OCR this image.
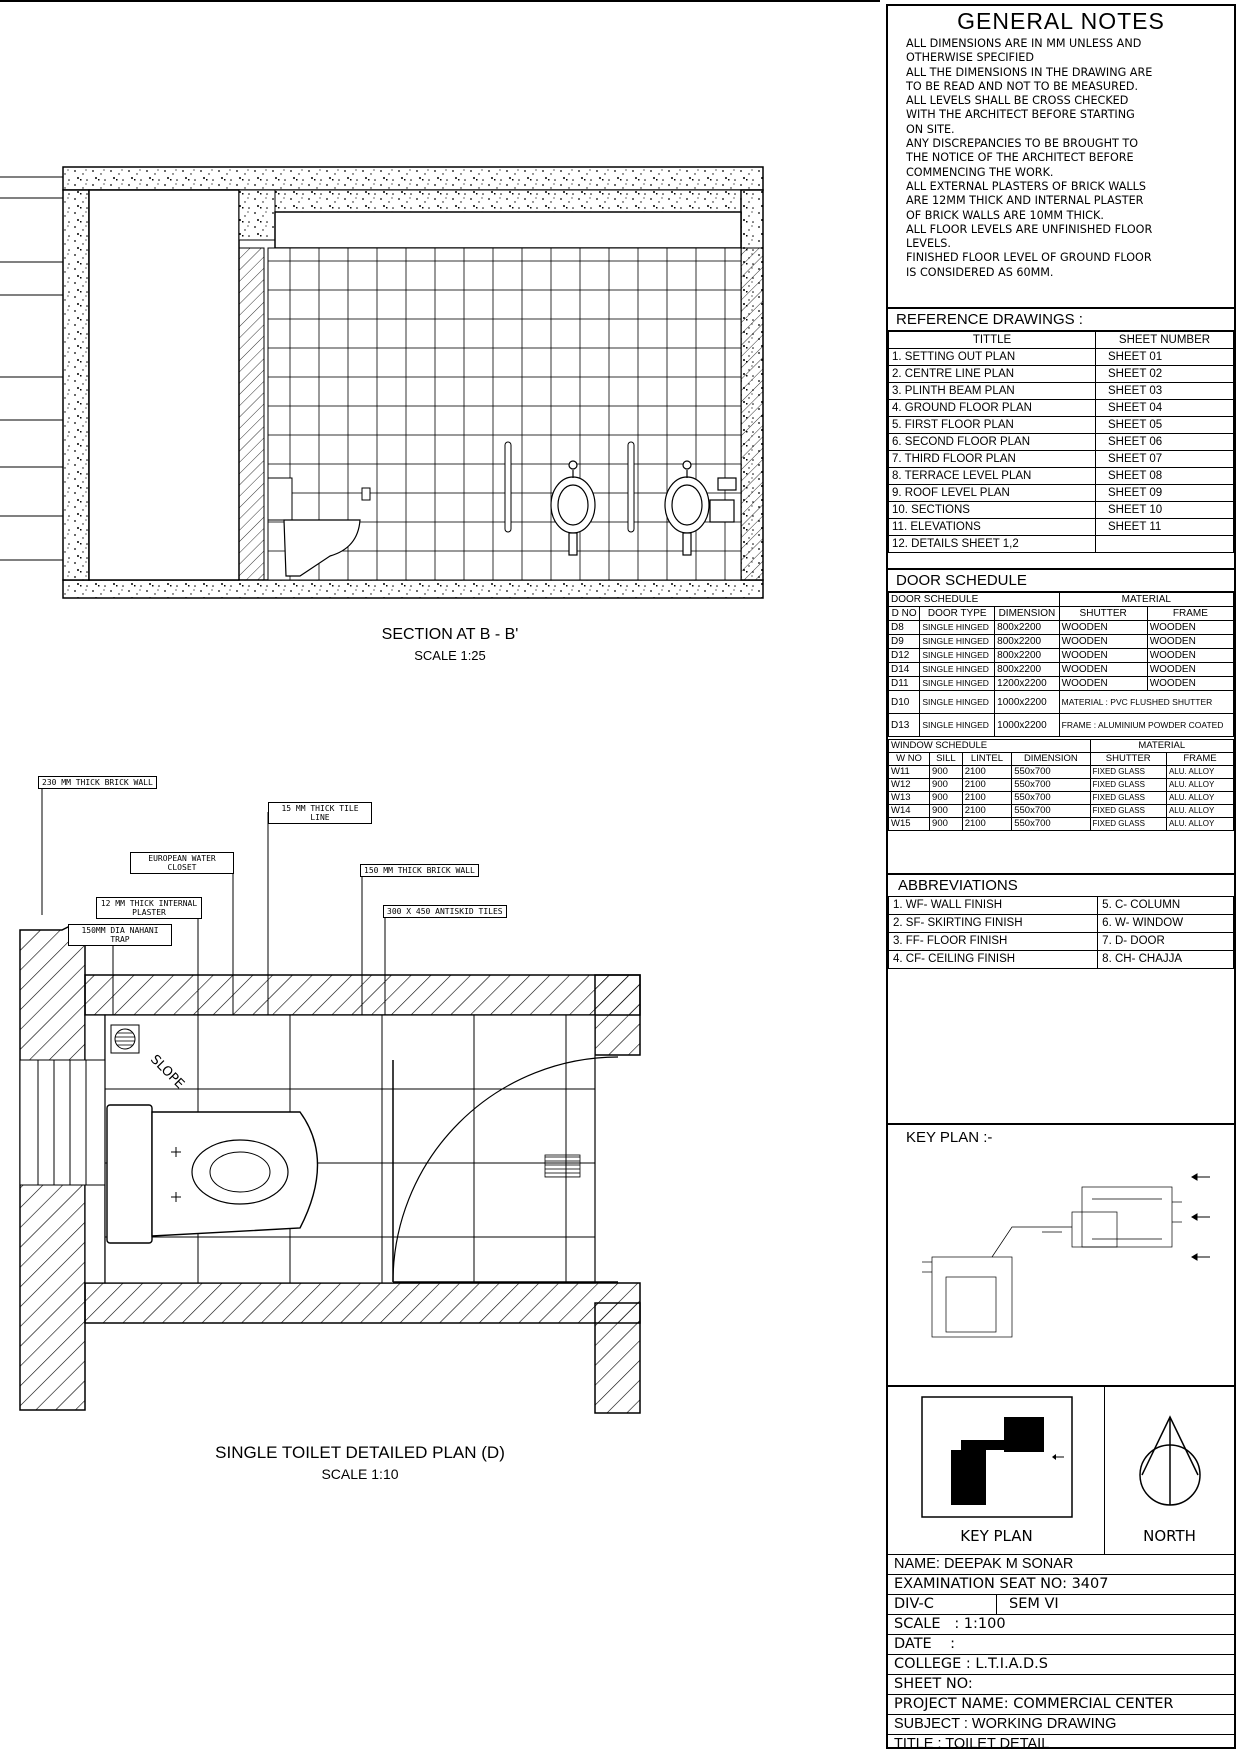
SLOPE
SECTION AT B - B'
SCALE 1:25
230 MM THICK BRICK WALL
EUROPEAN WATER CLOSET
15 MM THICK TILE LINE
150 MM THICK BRICK WALL
12 MM THICK INTERNAL PLASTER
150MM DIA NAHANI TRAP
300 X 450 ANTISKID TILES
SINGLE TOILET DETAILED PLAN (D)
SCALE 1:10
GENERAL NOTES
ALL DIMENSIONS ARE IN MM UNLESS AND
OTHERWISE SPECIFIED
ALL THE DIMENSIONS IN THE DRAWING ARE
TO BE READ AND NOT TO BE MEASURED.
ALL LEVELS SHALL BE CROSS CHECKED
WITH THE ARCHITECT BEFORE STARTING
ON SITE.
ANY DISCREPANCIES TO BE BROUGHT TO
THE NOTICE OF THE ARCHITECT BEFORE
COMMENCING THE WORK.
ALL EXTERNAL PLASTERS OF BRICK WALLS
ARE 12MM THICK AND INTERNAL PLASTER
OF BRICK WALLS ARE 10MM THICK.
ALL FLOOR LEVELS ARE UNFINISHED FLOOR
LEVELS.
FINISHED FLOOR LEVEL OF GROUND FLOOR
IS CONSIDERED AS 60MM.
REFERENCE DRAWINGS :
TITTLE	SHEET NUMBER
1. SETTING OUT PLAN	SHEET 01
2. CENTRE LINE PLAN	SHEET 02
3. PLINTH BEAM PLAN	SHEET 03
4. GROUND FLOOR PLAN	SHEET 04
5. FIRST FLOOR PLAN	SHEET 05
6. SECOND FLOOR PLAN	SHEET 06
7. THIRD FLOOR PLAN	SHEET 07
8. TERRACE LEVEL PLAN	SHEET 08
9. ROOF LEVEL PLAN	SHEET 09
10. SECTIONS	SHEET 10
11. ELEVATIONS	SHEET 11
12. DETAILS SHEET 1,2	
DOOR SCHEDULE
DOOR SCHEDULE			MATERIAL	
D NO	DOOR TYPE	DIMENSION	SHUTTER	FRAME
D8	SINGLE HINGED	800x2200	WOODEN	WOODEN
D9	SINGLE HINGED	800x2200	WOODEN	WOODEN
D12	SINGLE HINGED	800x2200	WOODEN	WOODEN
D14	SINGLE HINGED	800x2200	WOODEN	WOODEN
D11	SINGLE HINGED	1200x2200	WOODEN	WOODEN
D10	SINGLE HINGED	1000x2200	MATERIAL : PVC FLUSHED SHUTTER	
D13	SINGLE HINGED	1000x2200	FRAME : ALUMINIUM POWDER COATED	
WINDOW SCHEDULE				MATERIAL	
W NO	SILL	LINTEL	DIMENSION	SHUTTER	FRAME
W11	900	2100	550x700	FIXED GLASS	ALU. ALLOY
W12	900	2100	550x700	FIXED GLASS	ALU. ALLOY
W13	900	2100	550x700	FIXED GLASS	ALU. ALLOY
W14	900	2100	550x700	FIXED GLASS	ALU. ALLOY
W15	900	2100	550x700	FIXED GLASS	ALU. ALLOY
ABBREVIATIONS
1. WF- WALL FINISH	5. C- COLUMN
2. SF- SKIRTING FINISH	6. W- WINDOW
3. FF- FLOOR FINISH	7. D- DOOR
4. CF- CEILING FINISH	8. CH- CHAJJA
KEY PLAN :-
KEY PLAN	NORTH
NAME: DEEPAK M SONAR
EXAMINATION SEAT NO: 3407
DIV-C	SEM VI
SCALE   : 1:100
DATE    :
COLLEGE : L.T.I.A.D.S
SHEET NO:
PROJECT NAME: COMMERCIAL CENTER
SUBJECT : WORKING DRAWING
TITLE : TOILET DETAIL
